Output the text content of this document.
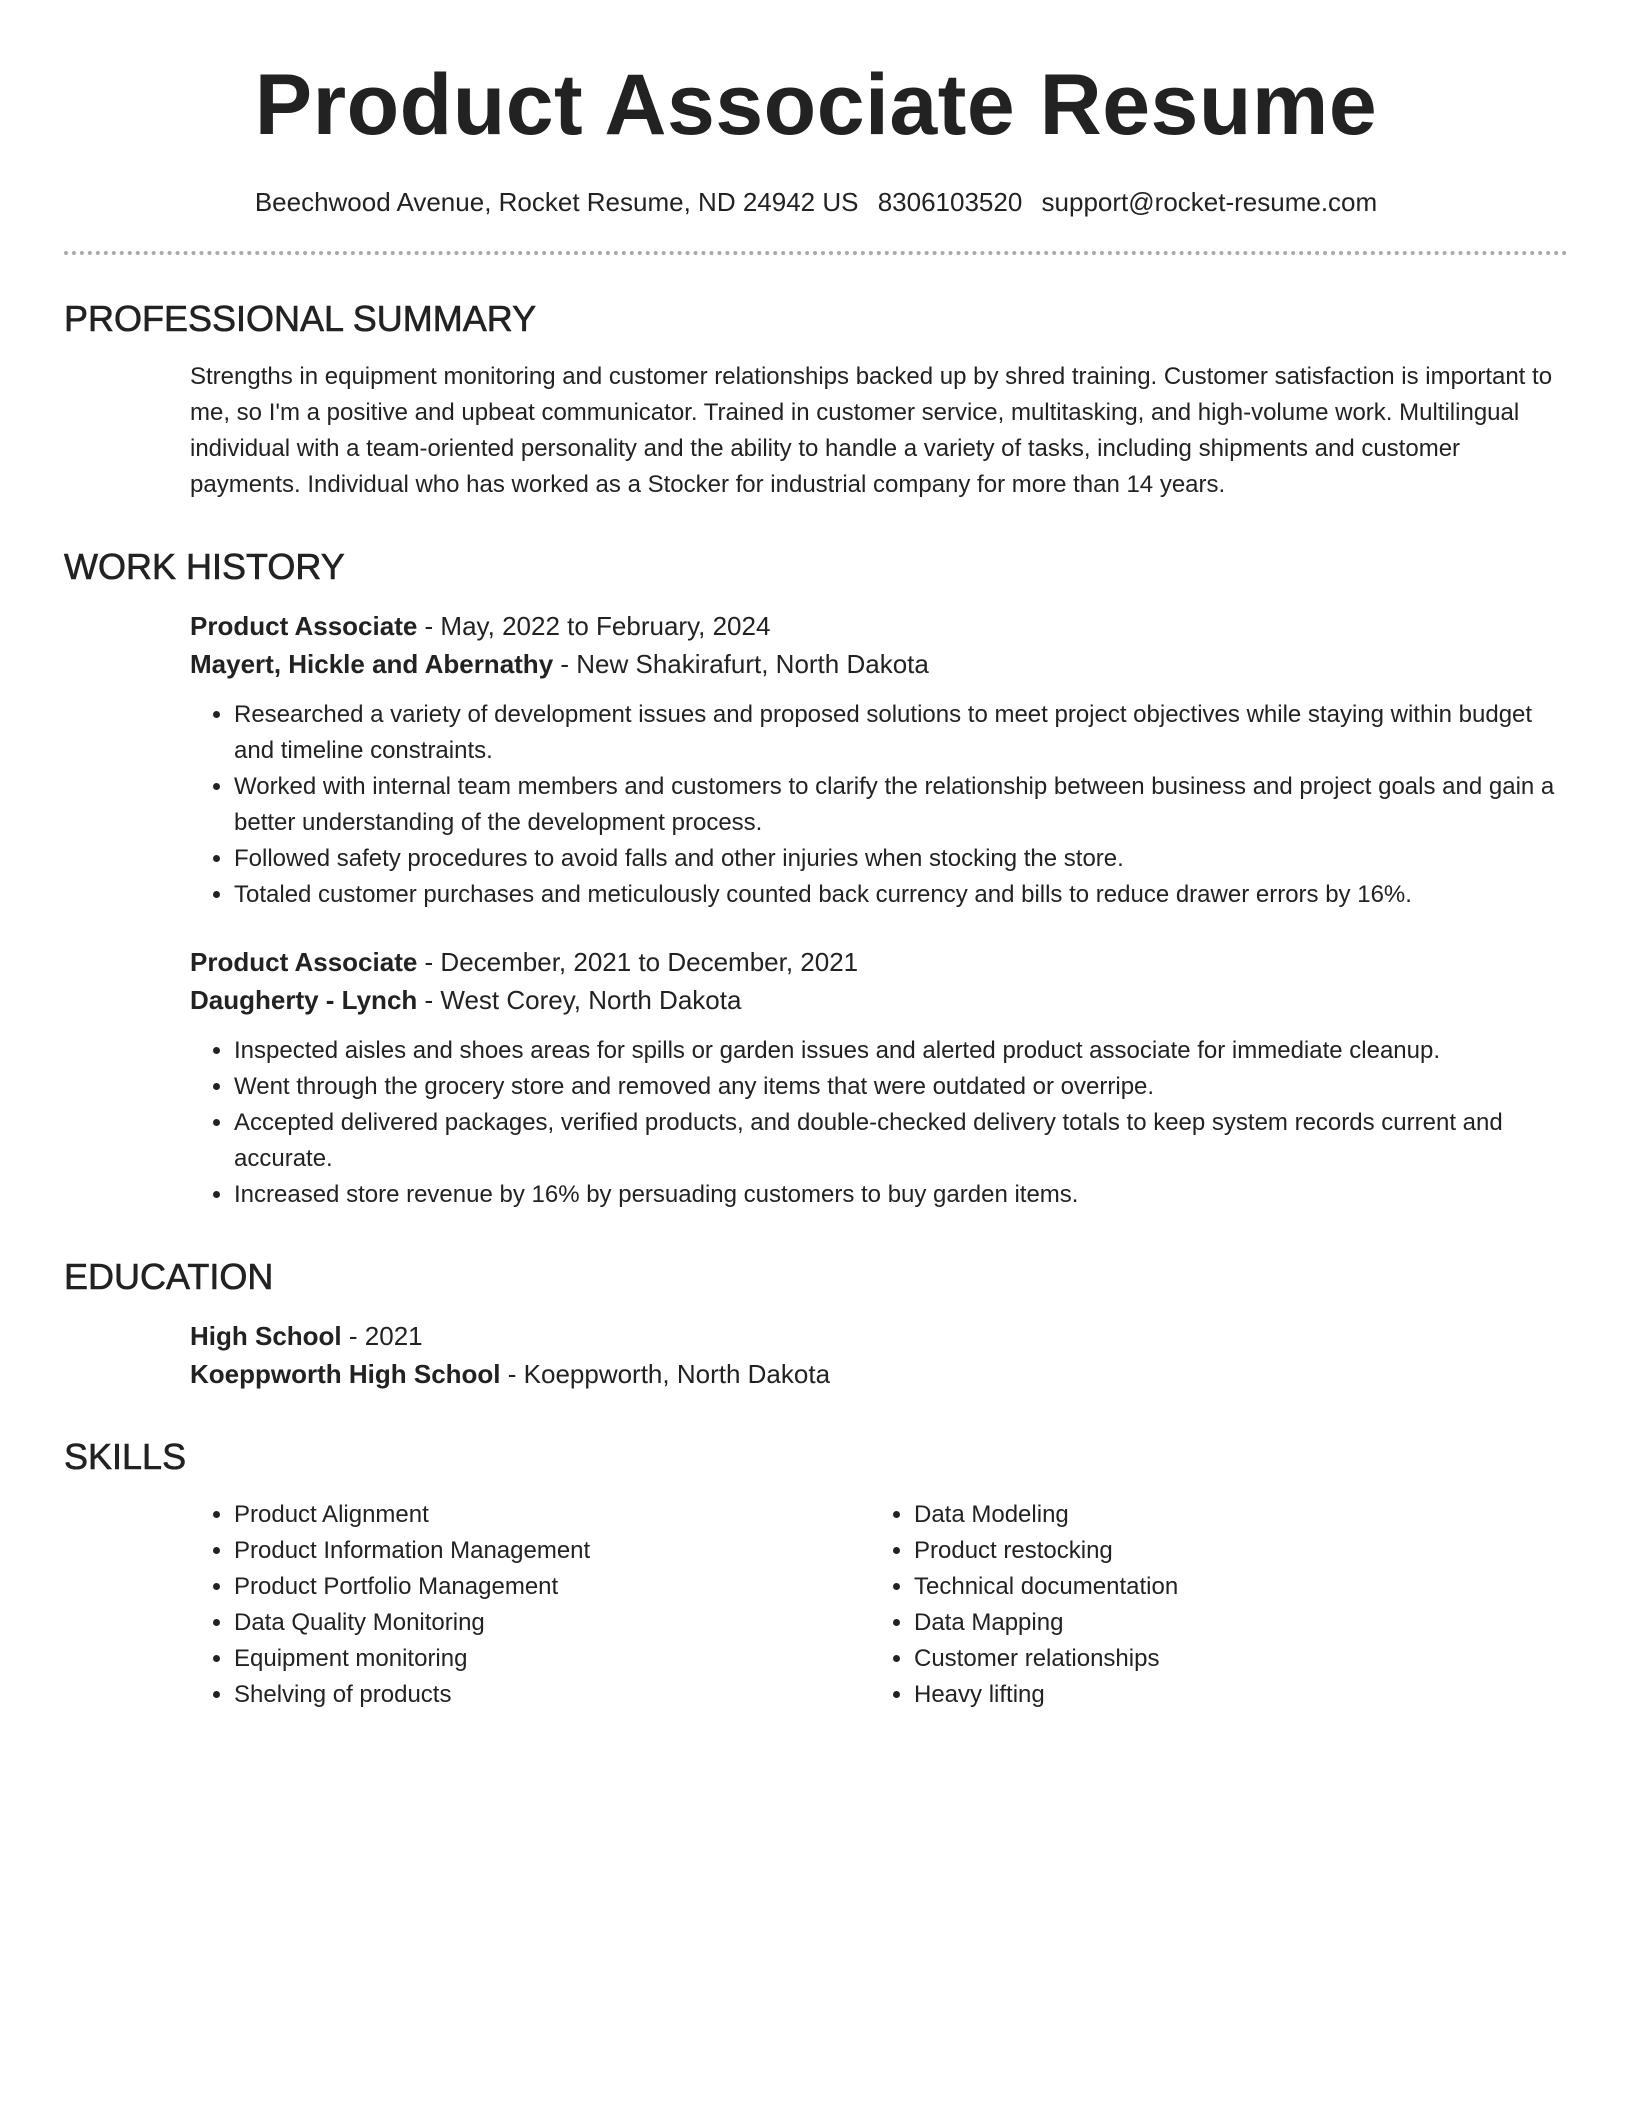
Product Associate Resume
Beechwood Avenue, Rocket Resume, ND 24942 US 8306103520 support@rocket-resume.com
PROFESSIONAL SUMMARY

Strengths in equipment monitoring and customer relationships backed up by shred training. Customer satisfaction is important to me, so I'm a positive and upbeat communicator. Trained in customer service, multitasking, and high-volume work. Multilingual individual with a team-oriented personality and the ability to handle a variety of tasks, including shipments and customer payments. Individual who has worked as a Stocker for industrial company for more than 14 years.

WORK HISTORY
Product Associate - May, 2022 to February, 2024
Mayert, Hickle and Abernathy - New Shakirafurt, North Dakota
• Researched a variety of development issues and proposed solutions to meet project objectives while staying within budget and timeline constraints.
• Worked with internal team members and customers to clarify the relationship between business and project goals and gain a better understanding of the development process.
• Followed safety procedures to avoid falls and other injuries when stocking the store.
• Totaled customer purchases and meticulously counted back currency and bills to reduce drawer errors by 16%.
Product Associate - December, 2021 to December, 2021
Daugherty - Lynch - West Corey, North Dakota
• Inspected aisles and shoes areas for spills or garden issues and alerted product associate for immediate cleanup.
• Went through the grocery store and removed any items that were outdated or overripe.
• Accepted delivered packages, verified products, and double-checked delivery totals to keep system records current and accurate.
• Increased store revenue by 16% by persuading customers to buy garden items.
EDUCATION
High School - 2021
Koeppworth High School - Koeppworth, North Dakota
SKILLS
• Product Alignment
• Product Information Management
• Product Portfolio Management
• Data Quality Monitoring
• Equipment monitoring
• Shelving of products
• Data Modeling
• Product restocking
• Technical documentation
• Data Mapping
• Customer relationships
• Heavy lifting
